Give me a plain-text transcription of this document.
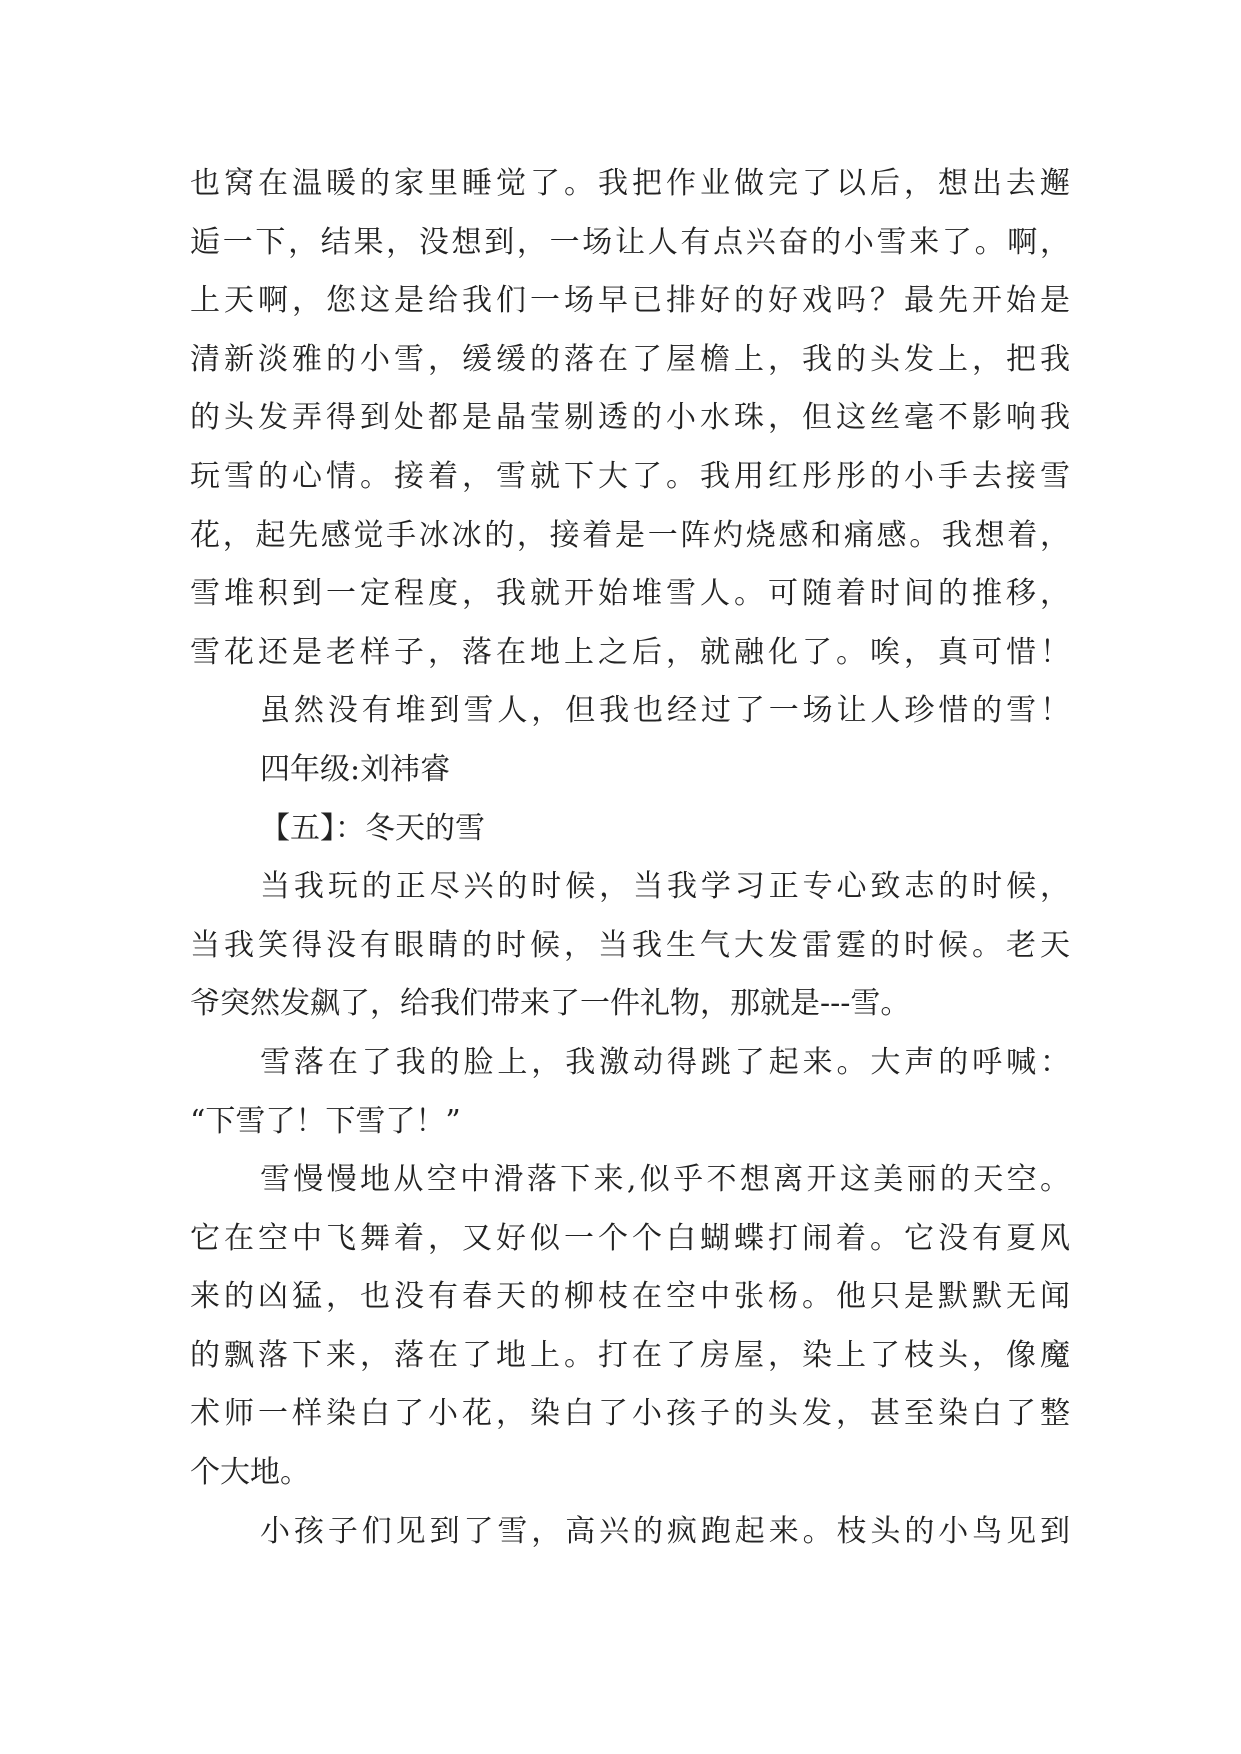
也窝在温暖的家里睡觉了。我把作业做完了以后，想出去邂
逅一下，结果，没想到，一场让人有点兴奋的小雪来了。啊，
上天啊，您这是给我们一场早已排好的好戏吗？最先开始是
清新淡雅的小雪，缓缓的落在了屋檐上，我的头发上，把我
的头发弄得到处都是晶莹剔透的小水珠，但这丝毫不影响我
玩雪的心情。接着，雪就下大了。我用红彤彤的小手去接雪
花，起先感觉手冰冰的，接着是一阵灼烧感和痛感。我想着，
雪堆积到一定程度，我就开始堆雪人。可随着时间的推移，
雪花还是老样子，落在地上之后，就融化了。唉，真可惜！
虽然没有堆到雪人，但我也经过了一场让人珍惜的雪！
四年级:刘祎睿
【五】：冬天的雪
当我玩的正尽兴的时候，当我学习正专心致志的时候，
当我笑得没有眼睛的时候，当我生气大发雷霆的时候。老天
爷突然发飙了，给我们带来了一件礼物，那就是---雪。
雪落在了我的脸上，我激动得跳了起来。大声的呼喊：
“下雪了！下雪了！”
雪慢慢地从空中滑落下来,似乎不想离开这美丽的天空。
它在空中飞舞着，又好似一个个白蝴蝶打闹着。它没有夏风
来的凶猛，也没有春天的柳枝在空中张杨。他只是默默无闻
的飘落下来，落在了地上。打在了房屋，染上了枝头，像魔
术师一样染白了小花，染白了小孩子的头发，甚至染白了整
个大地。
小孩子们见到了雪，高兴的疯跑起来。枝头的小鸟见到
